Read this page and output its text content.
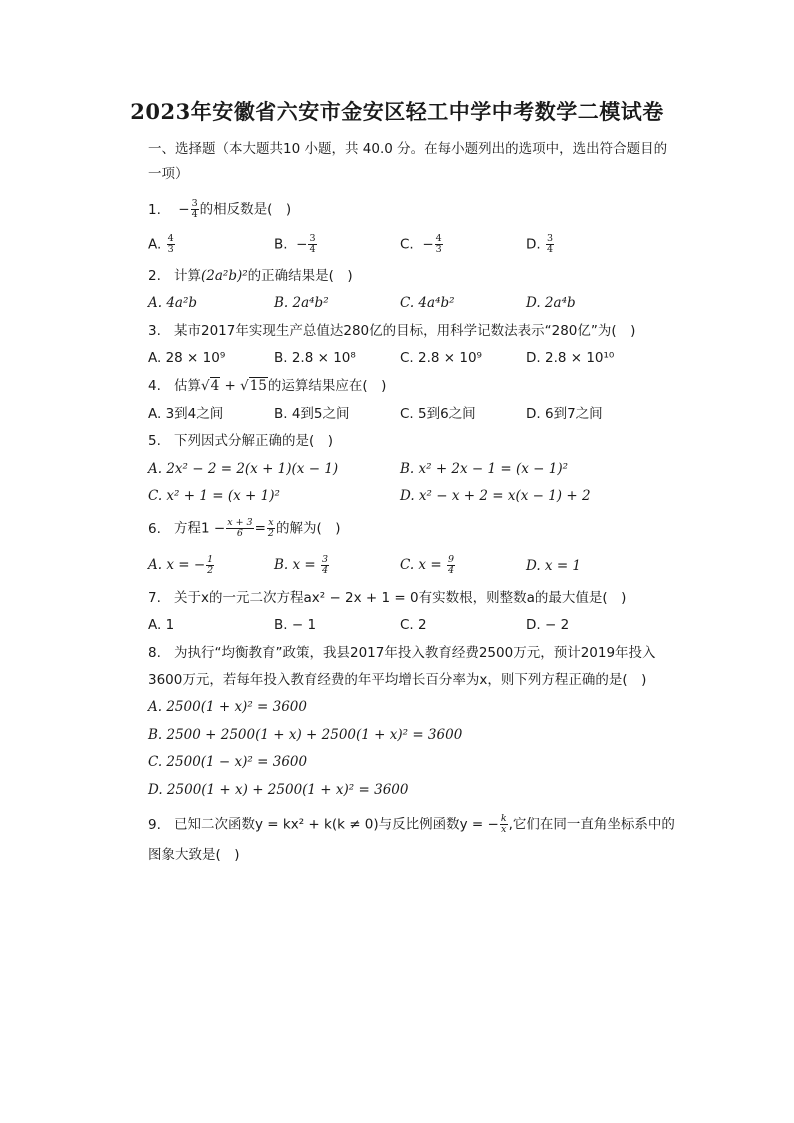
2023年安徽省六安市金安区轻工中学中考数学二模试卷
一、选择题（本大题共10 小题，共 40.0 分。在每小题列出的选项中，选出符合题目的
一项）
1. − $\frac{3}{4}$ 的相反数是(　)
A. $\frac{4}{3}$	B. − $\frac{3}{4}$	C. − $\frac{4}{3}$	D. $\frac{3}{4}$
2. 计算(2a²b)²的正确结果是(　)
A. 4a²b	B. 2a⁴b²	C. 4a⁴b²	D. 2a⁴b
3. 某市2017年实现生产总值达280亿的目标，用科学记数法表示“280亿”为(　)
A. 28 × 10⁹	B. 2.8 × 10⁸	C. 2.8 × 10⁹	D. 2.8 × 10¹⁰
4. 估算√4 + √15的运算结果应在(　)
A. 3到4之间	B. 4到5之间	C. 5到6之间	D. 6到7之间
5. 下列因式分解正确的是(　)
A. 2x² − 2 = 2(x + 1)(x − 1)	B. x² + 2x − 1 = (x − 1)²
C. x² + 1 = (x + 1)²	D. x² − x + 2 = x(x − 1) + 2
6. 方程$1 - \frac{x + 3}{6} = \frac{x}{2}$ 的解为(　)
A. x = − $\frac{1}{2}$	B. $x = \frac{3}{4}$	C. $x = \frac{9}{4}$	D. x = 1
7. 关于x的一元二次方程ax² − 2x + 1 = 0有实数根，则整数a的最大值是(　)
A. 1	B. − 1	C. 2	D. − 2
8. 为执行“均衡教育”政策，我县2017年投入教育经费2500万元，预计2019年投入
3600万元，若每年投入教育经费的年平均增长百分率为x，则下列方程正确的是(　)
A. 2500(1 + x)² = 3600
B. 2500 + 2500(1 + x) + 2500(1 + x)² = 3600
C. 2500(1 − x)² = 3600
D. 2500(1 + x) + 2500(1 + x)² = 3600
9. 已知二次函数y = kx² + k(k ≠ 0)与反比例函数y = − $\frac{k}{x}$ ,它们在同一直角坐标系中的
图象大致是(　)
